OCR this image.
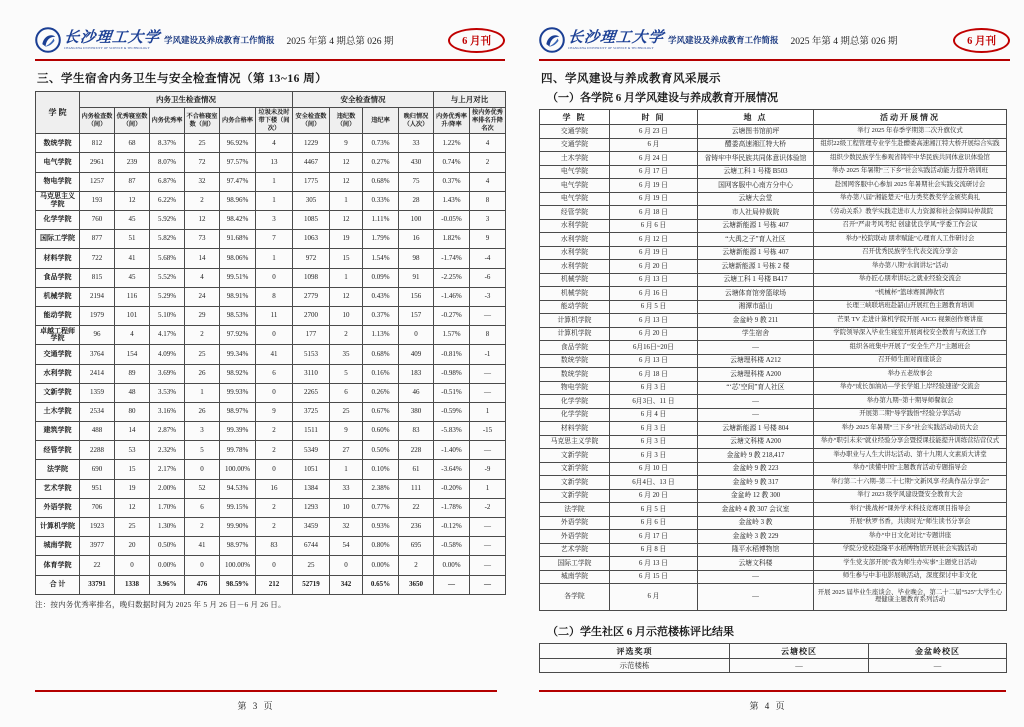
长沙理工大学
CHANGSHA UNIVERSITY OF SCIENCE & TECHNOLOGY
学风建设及养成教育工作简报 2025 年第 4 期总第 026 期	6 月刊
三、学生宿舍内务卫生与安全检查情况（第 13~16 周）
学 院	内务卫生检查情况						安全检查情况				与上月对比	
	内务检查数（间）	优秀寝室数（间）	内务优秀率	不合格寝室数（间）	内务合格率	垃圾未及时带下楼（间次）	安全检查数（间）	违纪数（间）	违纪率	晚归情况（人次）	内务优秀率升/降率	按内务优秀率排名升降名次
数统学院	812	68	8.37%	25	96.92%	4	1229	9	0.73%	33	1.22%	4
电气学院	2961	239	8.07%	72	97.57%	13	4467	12	0.27%	430	0.74%	2
物电学院	1257	87	6.87%	32	97.47%	1	1775	12	0.68%	75	0.37%	4
马克思主义学院	193	12	6.22%	2	98.96%	1	305	1	0.33%	28	1.43%	8
化学学院	760	45	5.92%	12	98.42%	3	1085	12	1.11%	100	-0.05%	3
国际工学院	877	51	5.82%	73	91.68%	7	1063	19	1.79%	16	1.82%	9
材料学院	722	41	5.68%	14	98.06%	1	972	15	1.54%	98	-1.74%	-4
食品学院	815	45	5.52%	4	99.51%	0	1098	1	0.09%	91	-2.25%	-6
机械学院	2194	116	5.29%	24	98.91%	8	2779	12	0.43%	156	-1.46%	-3
能动学院	1979	101	5.10%	29	98.53%	11	2700	10	0.37%	157	-0.27%	—
卓越工程师学院	96	4	4.17%	2	97.92%	0	177	2	1.13%	0	1.57%	8
交通学院	3764	154	4.09%	25	99.34%	41	5153	35	0.68%	409	-0.81%	-1
水利学院	2414	89	3.69%	26	98.92%	6	3110	5	0.16%	183	-0.98%	—
文新学院	1359	48	3.53%	1	99.93%	0	2265	6	0.26%	46	-0.51%	—
土木学院	2534	80	3.16%	26	98.97%	9	3725	25	0.67%	380	-0.59%	1
建筑学院	488	14	2.87%	3	99.39%	2	1511	9	0.60%	83	-5.83%	-15
经管学院	2288	53	2.32%	5	99.78%	2	5349	27	0.50%	228	-1.40%	—
法学院	690	15	2.17%	0	100.00%	0	1051	1	0.10%	61	-3.64%	-9
艺术学院	951	19	2.00%	52	94.53%	16	1384	33	2.38%	111	-0.20%	1
外语学院	706	12	1.70%	6	99.15%	2	1293	10	0.77%	22	-1.78%	-2
计算机学院	1923	25	1.30%	2	99.90%	2	3459	32	0.93%	236	-0.12%	—
城南学院	3977	20	0.50%	41	98.97%	83	6744	54	0.80%	695	-0.58%	—
体育学院	22	0	0.00%	0	100.00%	0	25	0	0.00%	2	0.00%	—
合 计	33791	1338	3.96%	476	98.59%	212	52719	342	0.65%	3650	—	—
注：按内务优秀率排名，晚归数据时间为 2025 年 5 月 26 日－6 月 26 日。
第 3 页
长沙理工大学
CHANGSHA UNIVERSITY OF SCIENCE & TECHNOLOGY
学风建设及养成教育工作简报 2025 年第 4 期总第 026 期	6 月刊
四、学风建设与养成教育风采展示
（一）各学院 6 月学风建设与养成教育开展情况
学 院	时 间	地 点	活动开展情况
交通学院	6 月 23 日	云塘图书馆前坪	举行 2025 年春季学期第二次升旗仪式
交通学院	6 月	醴娄高速湘江特大桥	组织22级工程管理专业学生赴醴娄高速湘江特大桥开展综合实践
土木学院	6 月 24 日	省铸牢中华民族共同体意识体验馆	组织少数民族学生参观省铸牢中华民族共同体意识体验馆
电气学院	6 月 17 日	云塘工科 1 号楼 B503	举办 2025 年暑期“三下乡”社会实践活动能力提升培训班
电气学院	6 月 19 日	国网客服中心南方分中心	赴国网客服中心参加 2025 年暑期社会实践交流研讨会
电气学院	6 月 19 日	云塘大会堂	举办第八届“湘能楚天”电力类奖教奖学金颁奖典礼
经管学院	6 月 18 日	市人社局仲裁院	《劳动关系》教学实践走进市人力资源和社会保障局仲裁院
水利学院	6 月 6 日	云塘新能源 1 号栋 407	召开“严肃考风考纪 创建优良学风”学委工作会议
水利学院	6 月 12 日	“大禹之子”育人社区	举办“校院联动 朋辈赋能”心理育人工作研讨会
水利学院	6 月 19 日	云塘新能源 1 号栋 407	召开优秀民族学生代表交流分享会
水利学院	6 月 20 日	云塘新能源 1 号栋 2 楼	举办第八期“水润讲坛”活动
机械学院	6 月 13 日	云塘工科 1 号楼 B417	举办匠心朋辈讲坛之就业经验交流会
机械学院	6 月 16 日	云塘体育馆旁篮球场	“机械杯”篮球赛圆满收官
能动学院	6 月 5 日	湘潭市韶山	长理三峡联培班赴韶山开展红色主题教育培训
计算机学院	6 月 13 日	金盆岭 9 教 211	芒果 TV 走进计算机学院开展 AICG 视频创作赛讲座
计算机学院	6 月 20 日	学生宿舍	学院领导深入毕业生寝室开展离校安全教育与欢送工作
食品学院	6月16日~20日	—	组织各班集中开展了“安全生产月”主题班会
数统学院	6 月 13 日	云塘理科楼 A212	召开师生面对面座谈会
数统学院	6 月 18 日	云塘理科楼 A200	举办五老故事会
物电学院	6 月 3 日	“‘芯’空间”育人社区	举办“成长加油站—学长学姐上岸经验速递”交流会
化学学院	6月3日、11 日	—	举办第九期~第十期导师餐叙会
化学学院	6 月 4 日	—	开展第二期“导学践悟”经验分享活动
材料学院	6 月 3 日	云塘新能源 1 号楼 804	举办 2025 年暑期“三下乡”社会实践活动动员大会
马克思主义学院	6 月 3 日	云塘文科楼 A200	举办“职引未来”就业经验分享会暨授课技能提升训练营结营仪式
文新学院	6 月 3 日	金盆岭 9 教 218,417	举办职业与人生大讲坛活动、第十九期人文素质大讲堂
文新学院	6 月 10 日	金盆岭 9 教 223	举办“读懂中国”主题教育活动专题指导会
文新学院	6月4日、13 日	金盆岭 9 教 317	举行第二十六期–第二十七期“文新风享·经典作品分享会”
文新学院	6 月 20 日	金盆岭 12 教 300	举行 2023 级学风建设暨安全教育大会
法学院	6 月 5 日	金盆岭 4 教 307 会议室	举行“挑战杯”课外学术科技竞赛项目指导会
外语学院	6 月 6 日	金盆岭 3 教	开展“秋罗书香，共读时光”师生读书分享会
外语学院	6 月 17 日	金盆岭 3 教 229	举办“中日文化对比”专题讲座
艺术学院	6 月 8 日	隆平水稻博物馆	学院分党校赴隆平水稻博物馆开展社会实践活动
国际工学院	6 月 13 日	云塘文科楼	学生党支部开展“我为师生办实事”主题党日活动
城南学院	6 月 15 日	—	师生参与中非电影展映活动，深度探讨中非文化
各学院	6 月	—	开展 2025 届毕业生座谈会、毕业晚会，第二十二届“525”大学生心理健康主题教育系列活动
（二）学生社区 6 月示范楼栋评比结果
评选奖项	云塘校区	金盆岭校区
示范楼栋	—	—
第 4 页
